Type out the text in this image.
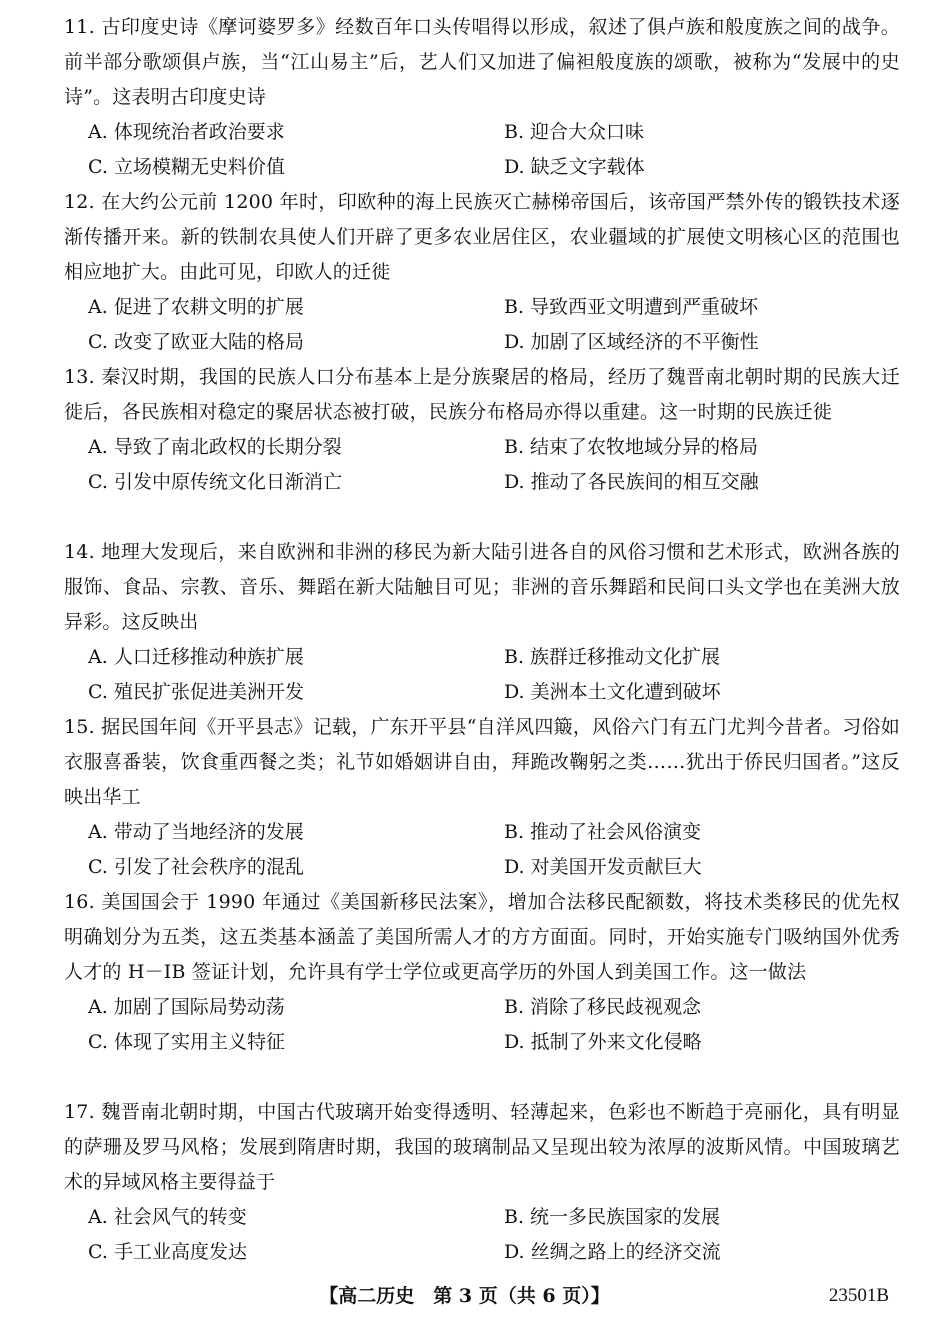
11. 古印度史诗《摩诃婆罗多》经数百年口头传唱得以形成，叙述了俱卢族和般度族之间的战争。前半部分歌颂俱卢族，当“江山易主”后，艺人们又加进了偏袒般度族的颂歌，被称为“发展中的史诗”。这表明古印度史诗
A. 体现统治者政治要求	B. 迎合大众口味
C. 立场模糊无史料价值	D. 缺乏文字载体
12. 在大约公元前 1200 年时，印欧种的海上民族灭亡赫梯帝国后，该帝国严禁外传的锻铁技术逐渐传播开来。新的铁制农具使人们开辟了更多农业居住区，农业疆域的扩展使文明核心区的范围也相应地扩大。由此可见，印欧人的迁徙
A. 促进了农耕文明的扩展	B. 导致西亚文明遭到严重破坏
C. 改变了欧亚大陆的格局	D. 加剧了区域经济的不平衡性
13. 秦汉时期，我国的民族人口分布基本上是分族聚居的格局，经历了魏晋南北朝时期的民族大迁徙后，各民族相对稳定的聚居状态被打破，民族分布格局亦得以重建。这一时期的民族迁徙
A. 导致了南北政权的长期分裂	B. 结束了农牧地域分异的格局
C. 引发中原传统文化日渐消亡	D. 推动了各民族间的相互交融
14. 地理大发现后，来自欧洲和非洲的移民为新大陆引进各自的风俗习惯和艺术形式，欧洲各族的服饰、食品、宗教、音乐、舞蹈在新大陆触目可见；非洲的音乐舞蹈和民间口头文学也在美洲大放异彩。这反映出
A. 人口迁移推动种族扩展	B. 族群迁移推动文化扩展
C. 殖民扩张促进美洲开发	D. 美洲本土文化遭到破坏
15. 据民国年间《开平县志》记载，广东开平县“自洋风四簸，风俗六门有五门尤判今昔者。习俗如衣服喜番装，饮食重西餐之类；礼节如婚姻讲自由，拜跪改鞠躬之类……犹出于侨民归国者。”这反映出华工
A. 带动了当地经济的发展	B. 推动了社会风俗演变
C. 引发了社会秩序的混乱	D. 对美国开发贡献巨大
16. 美国国会于 1990 年通过《美国新移民法案》，增加合法移民配额数，将技术类移民的优先权明确划分为五类，这五类基本涵盖了美国所需人才的方方面面。同时，开始实施专门吸纳国外优秀人才的 H－IB 签证计划，允许具有学士学位或更高学历的外国人到美国工作。这一做法
A. 加剧了国际局势动荡	B. 消除了移民歧视观念
C. 体现了实用主义特征	D. 抵制了外来文化侵略
17. 魏晋南北朝时期，中国古代玻璃开始变得透明、轻薄起来，色彩也不断趋于亮丽化，具有明显的萨珊及罗马风格；发展到隋唐时期，我国的玻璃制品又呈现出较为浓厚的波斯风情。中国玻璃艺术的异域风格主要得益于
A. 社会风气的转变	B. 统一多民族国家的发展
C. 手工业高度发达	D. 丝绸之路上的经济交流
【高二历史　第 3 页（共 6 页）】	23501B
